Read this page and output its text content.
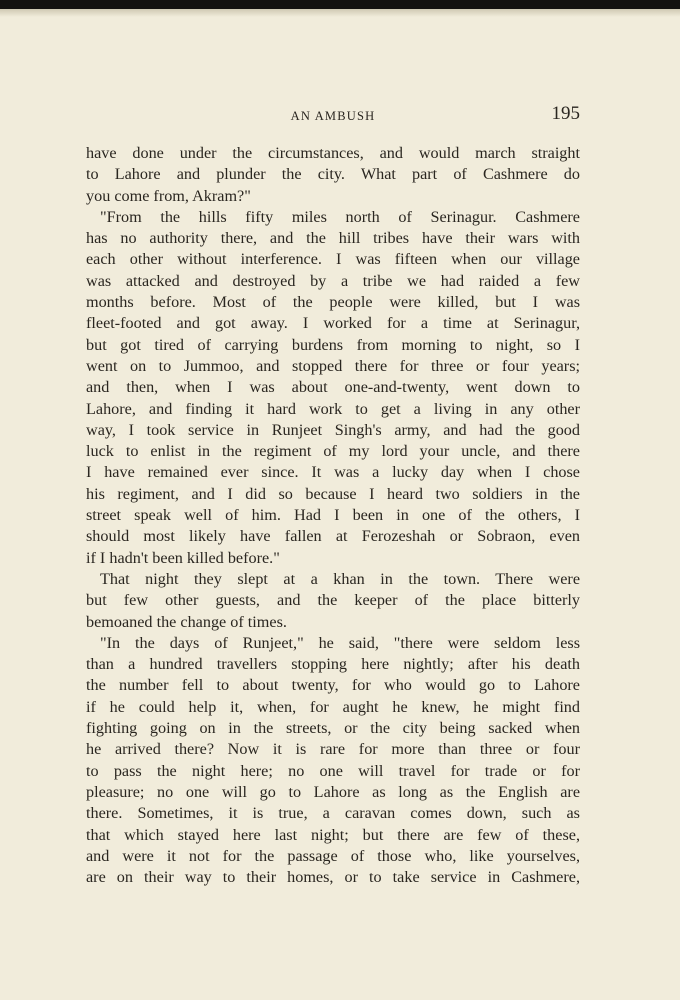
AN AMBUSH	195
have done under the circumstances, and would march straight
to Lahore and plunder the city. What part of Cashmere do
you come from, Akram?"
"From the hills fifty miles north of Serinagur. Cashmere
has no authority there, and the hill tribes have their wars with
each other without interference. I was fifteen when our village
was attacked and destroyed by a tribe we had raided a few
months before. Most of the people were killed, but I was
fleet-footed and got away. I worked for a time at Serinagur,
but got tired of carrying burdens from morning to night, so I
went on to Jummoo, and stopped there for three or four years;
and then, when I was about one-and-twenty, went down to
Lahore, and finding it hard work to get a living in any other
way, I took service in Runjeet Singh's army, and had the good
luck to enlist in the regiment of my lord your uncle, and there
I have remained ever since. It was a lucky day when I chose
his regiment, and I did so because I heard two soldiers in the
street speak well of him. Had I been in one of the others, I
should most likely have fallen at Ferozeshah or Sobraon, even
if I hadn't been killed before."
That night they slept at a khan in the town. There were
but few other guests, and the keeper of the place bitterly
bemoaned the change of times.
"In the days of Runjeet," he said, "there were seldom less
than a hundred travellers stopping here nightly; after his death
the number fell to about twenty, for who would go to Lahore
if he could help it, when, for aught he knew, he might find
fighting going on in the streets, or the city being sacked when
he arrived there? Now it is rare for more than three or four
to pass the night here; no one will travel for trade or for
pleasure; no one will go to Lahore as long as the English are
there. Sometimes, it is true, a caravan comes down, such as
that which stayed here last night; but there are few of these,
and were it not for the passage of those who, like yourselves,
are on their way to their homes, or to take service in Cashmere,
